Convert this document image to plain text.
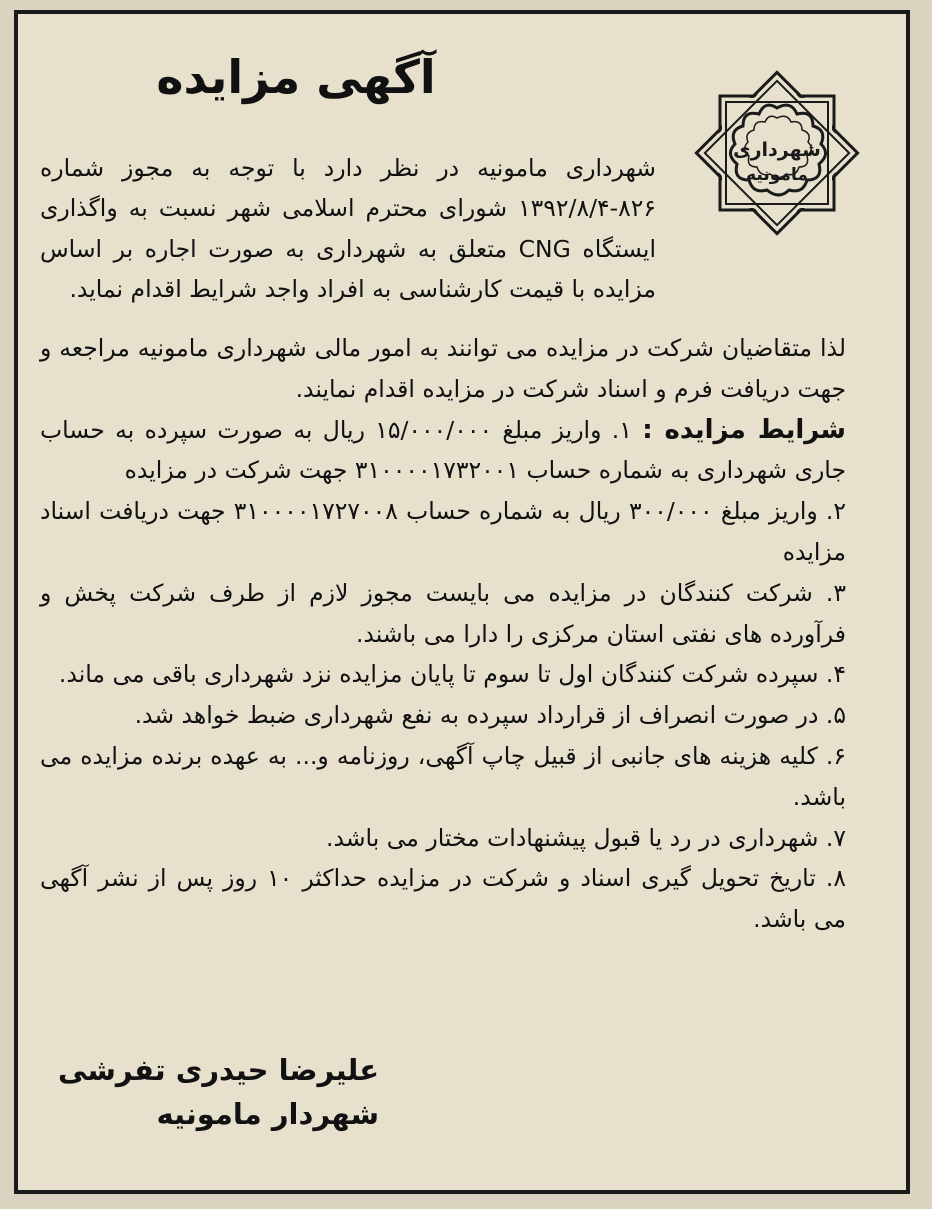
شهرداری
مامونیه
آگهی مزایده

شهرداری مامونیه در نظر دارد با توجه به مجوز شماره ۸۲۶-۱۳۹۲/۸/۴ شورای محترم اسلامی شهر نسبت به واگذاری ایستگاه CNG متعلق به شهرداری به صورت اجاره بر اساس مزایده با قیمت کارشناسی به افراد واجد شرایط اقدام نماید.

لذا متقاضیان شرکت در مزایده می توانند به امور مالی شهرداری مامونیه مراجعه و جهت دریافت فرم و اسناد شرکت در مزایده اقدام نمایند.

شرایط مزایده : ۱. واریز مبلغ ۱۵/۰۰۰/۰۰۰ ریال به صورت سپرده به حساب جاری شهرداری به شماره حساب ۳۱۰۰۰۰۱۷۳۲۰۰۱ جهت شرکت در مزایده

۲. واریز مبلغ ۳۰۰/۰۰۰ ریال به شماره حساب ۳۱۰۰۰۰۱۷۲۷۰۰۸ جهت دریافت اسناد مزایده

۳. شرکت کنندگان در مزایده می بایست مجوز لازم از طرف شرکت پخش و فرآورده های نفتی استان مرکزی را دارا می باشند.

۴. سپرده شرکت کنندگان اول تا سوم تا پایان مزایده نزد شهرداری باقی می ماند.

۵. در صورت انصراف از قرارداد سپرده به نفع شهرداری ضبط خواهد شد.

۶. کلیه هزینه های جانبی از قبیل چاپ آگهی، روزنامه و... به عهده برنده مزایده می باشد.

۷. شهرداری در رد یا قبول پیشنهادات مختار می باشد.

۸. تاریخ تحویل گیری اسناد و شرکت در مزایده حداکثر ۱۰ روز پس از نشر آگهی می باشد.

علیرضا حیدری تفرشی
شهردار مامونیه
